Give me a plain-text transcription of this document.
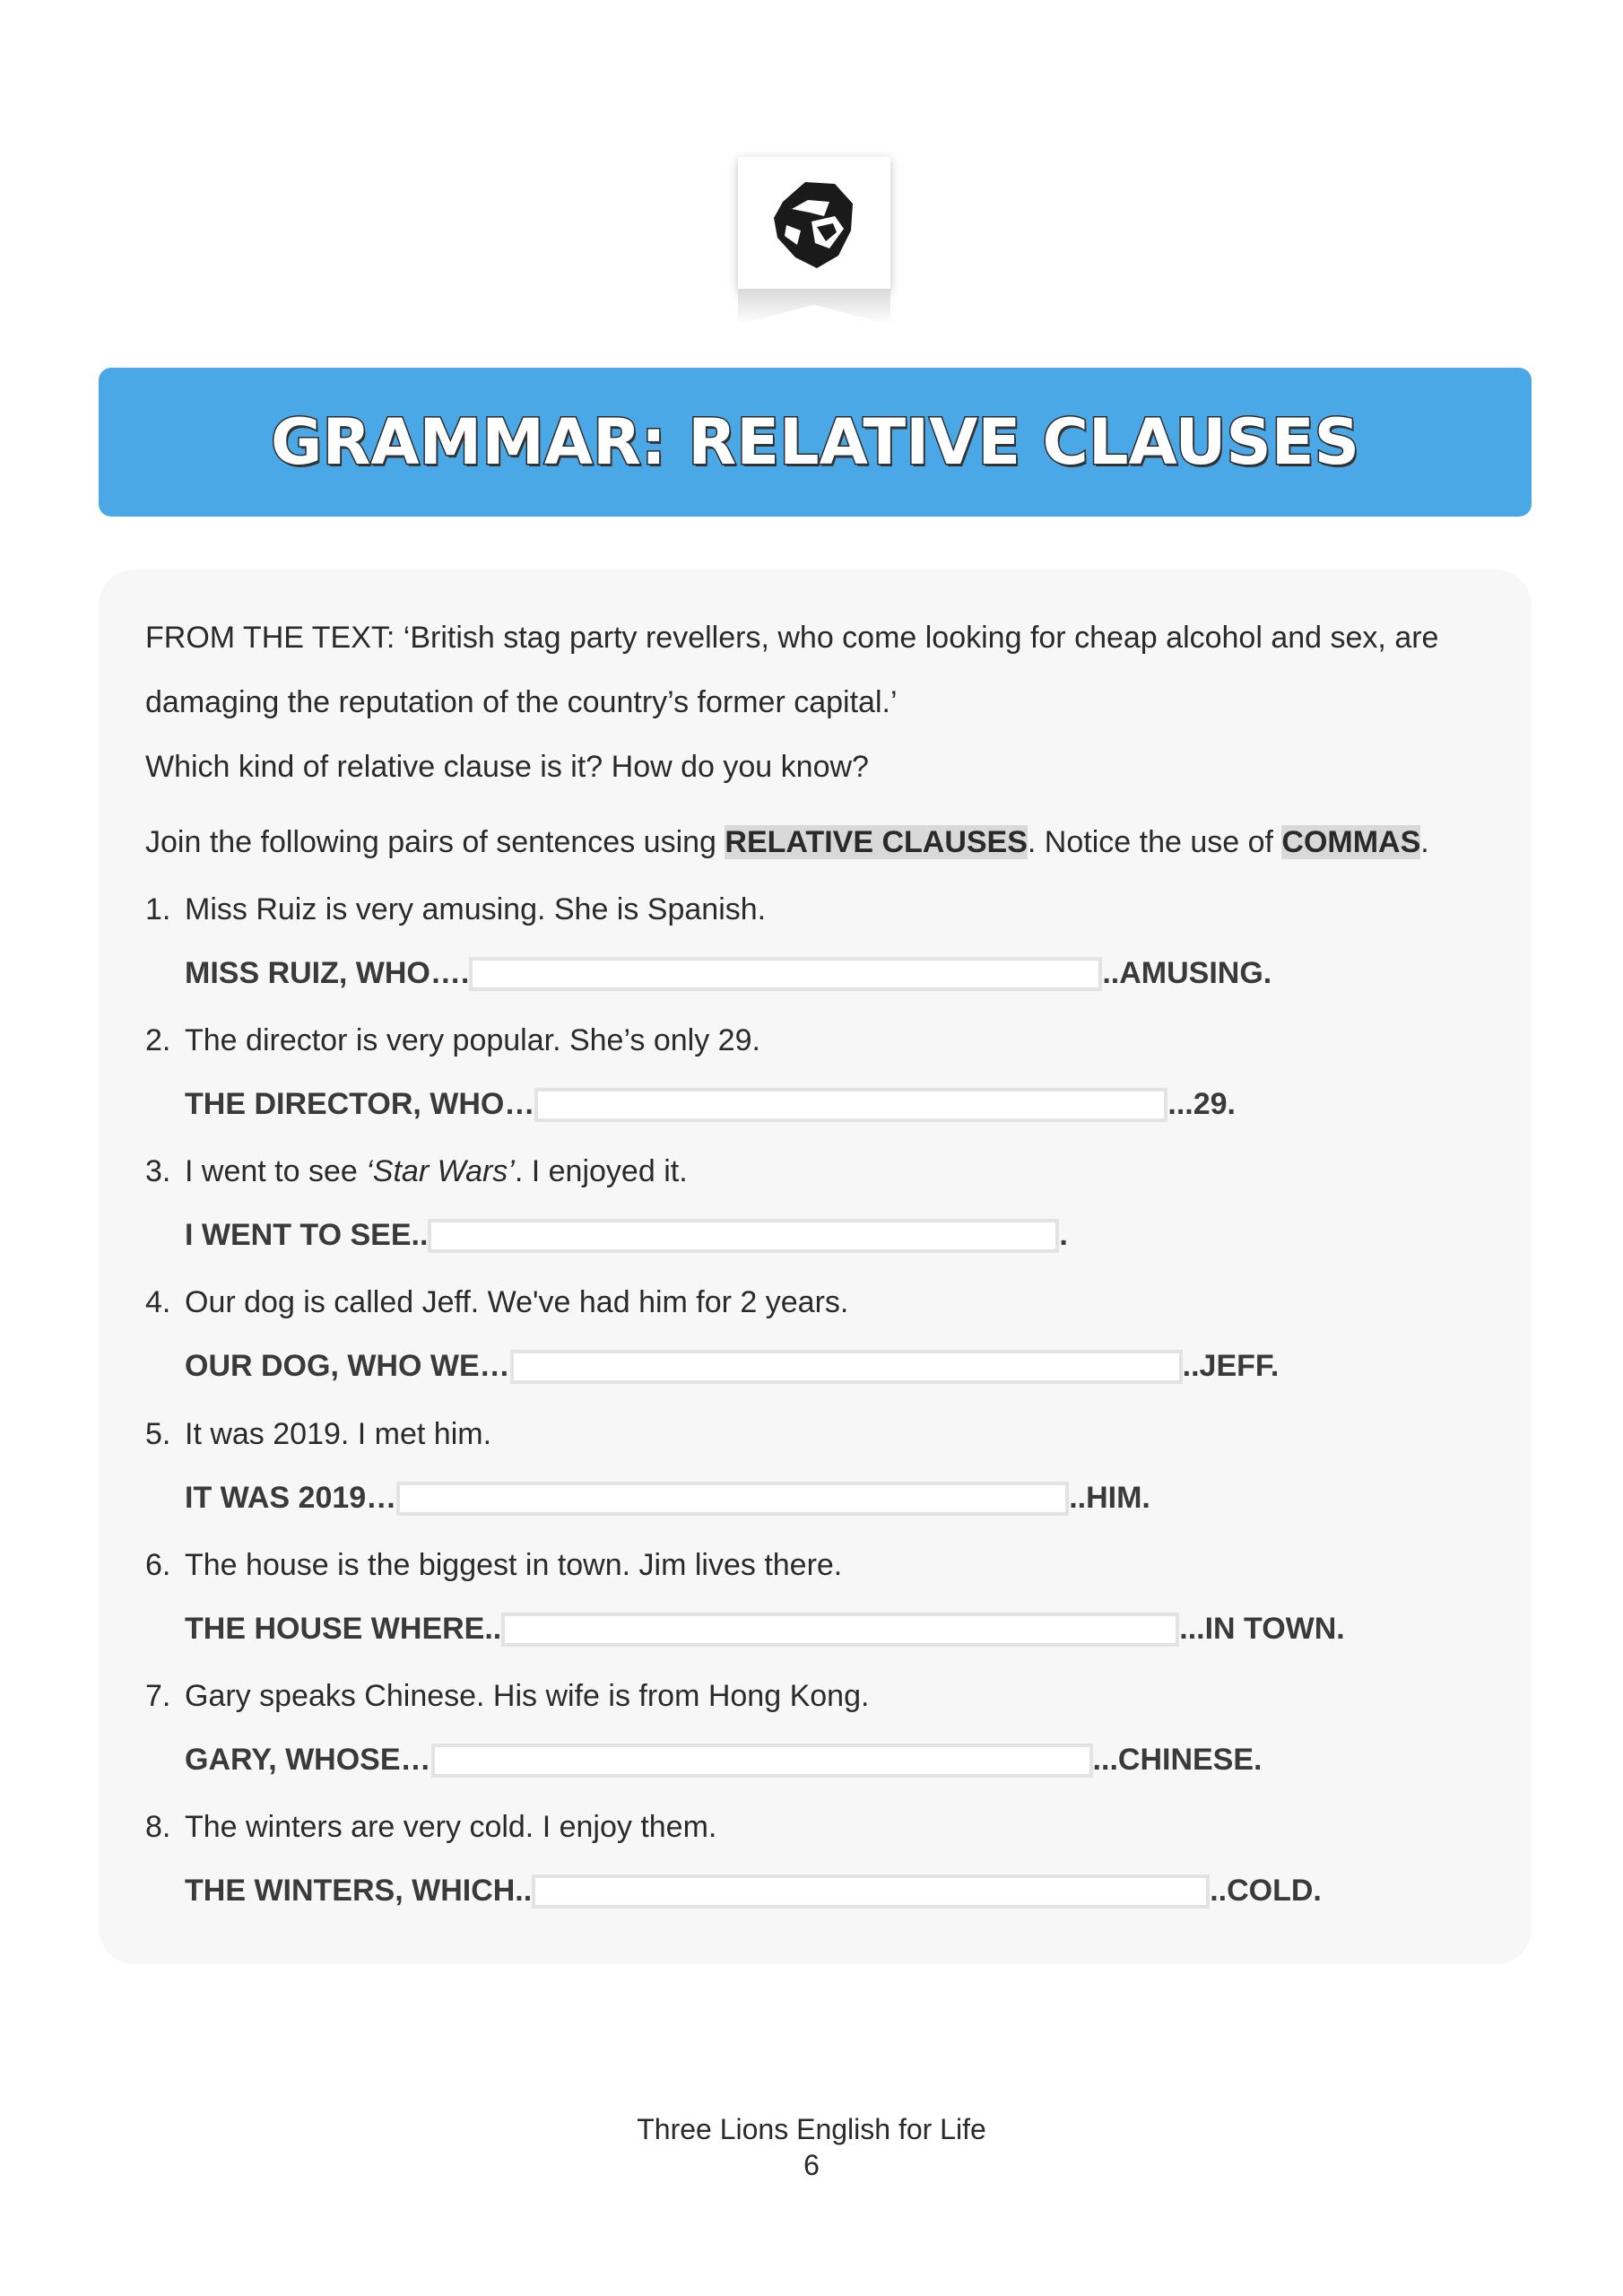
GRAMMAR: RELATIVE CLAUSES
FROM THE TEXT: ‘British stag party revellers, who come looking for cheap alcohol and sex, are
damaging the reputation of the country’s former capital.’
Which kind of relative clause is it? How do you know?
Join the following pairs of sentences using RELATIVE CLAUSES. Notice the use of COMMAS.
1. Miss Ruiz is very amusing. She is Spanish.
MISS RUIZ, WHO….	..AMUSING.
2. The director is very popular. She’s only 29.
THE DIRECTOR, WHO…	...29.
3. I went to see ‘Star Wars’. I enjoyed it.
I WENT TO SEE..	.
4. Our dog is called Jeff. We've had him for 2 years.
OUR DOG, WHO WE…	..JEFF.
5. It was 2019. I met him.
IT WAS 2019…	..HIM.
6. The house is the biggest in town. Jim lives there.
THE HOUSE WHERE..	...IN TOWN.
7. Gary speaks Chinese. His wife is from Hong Kong.
GARY, WHOSE…	...CHINESE.
8. The winters are very cold. I enjoy them.
THE WINTERS, WHICH..	..COLD.
Three Lions English for Life
6
